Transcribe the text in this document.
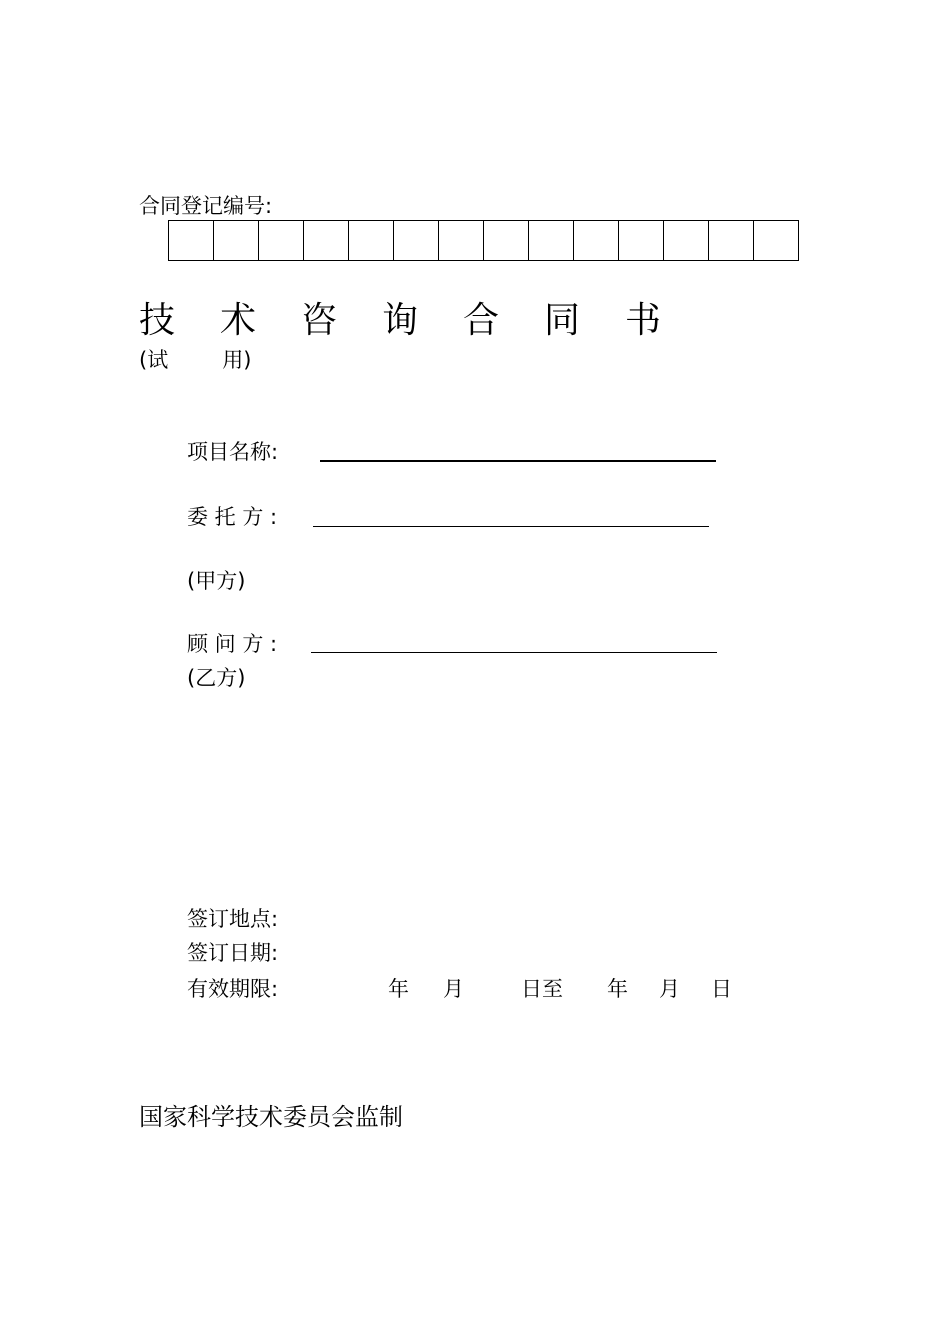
合同登记编号:
技	术	咨	询	合	同	书
(试	用)
项目名称:
委 托 方 :
(甲方)
顾 问 方 :
(乙方)
签订地点:
签订日期:
有效期限:	年	月	日至	年	月	日
国家科学技术委员会监制
